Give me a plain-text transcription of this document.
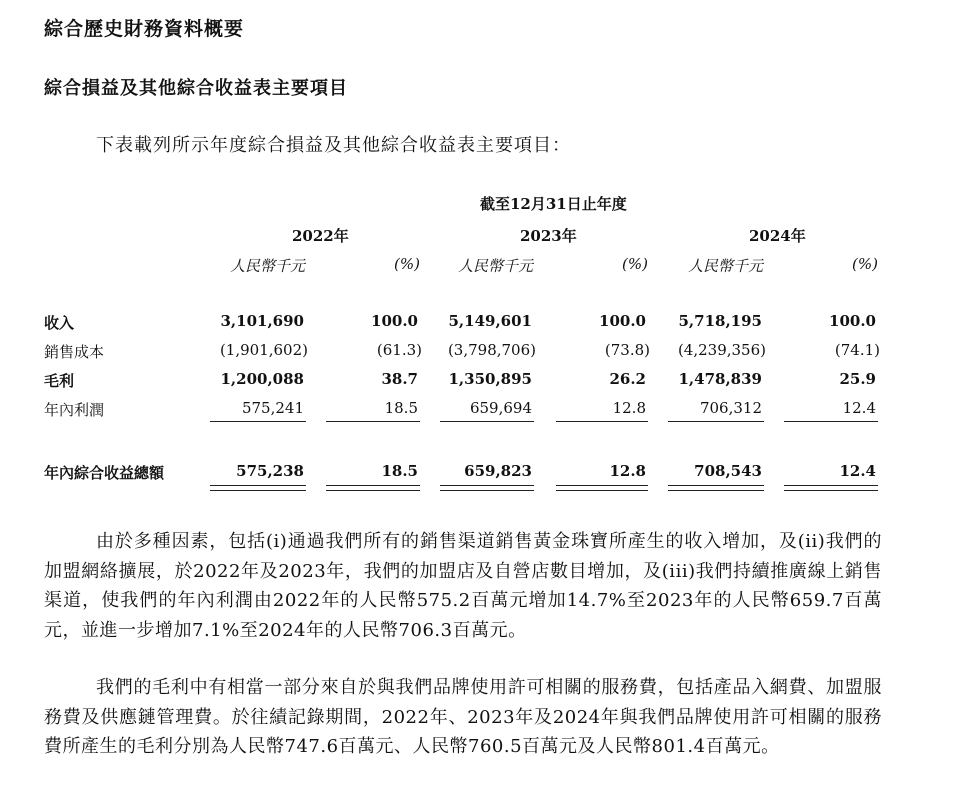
綜合歷史財務資料概要
綜合損益及其他綜合收益表主要項目
下表載列所示年度綜合損益及其他綜合收益表主要項目：
截至12月31日止年度
2022年	2023年	2024年
人民幣千元	(%)	人民幣千元	(%)	人民幣千元	(%)
收入	3,101,690	100.0	5,149,601	100.0	5,718,195	100.0
銷售成本	(1,901,602)	(61.3)	(3,798,706)	(73.8)	(4,239,356)	(74.1)
毛利	1,200,088	38.7	1,350,895	26.2	1,478,839	25.9
年內利潤	575,241	18.5	659,694	12.8	706,312	12.4
年內綜合收益總額	575,238	18.5	659,823	12.8	708,543	12.4
由於多種因素，包括(i)通過我們所有的銷售渠道銷售黃金珠寶所產生的收入增加，及(ii)我們的加盟網絡擴展，於2022年及2023年，我們的加盟店及自營店數目增加，及(iii)我們持續推廣線上銷售渠道，使我們的年內利潤由2022年的人民幣575.2百萬元增加14.7%至2023年的人民幣659.7百萬元，並進一步增加7.1%至2024年的人民幣706.3百萬元。
我們的毛利中有相當一部分來自於與我們品牌使用許可相關的服務費，包括產品入網費、加盟服務費及供應鏈管理費。於往績記錄期間，2022年、2023年及2024年與我們品牌使用許可相關的服務費所產生的毛利分別為人民幣747.6百萬元、人民幣760.5百萬元及人民幣801.4百萬元。
